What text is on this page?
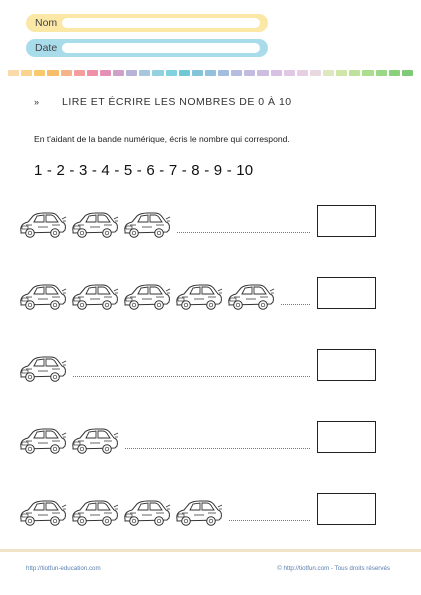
Nom
Date
» LIRE ET ÉCRIRE LES NOMBRES DE 0 À 10
En t'aidant de la bande numérique, écris le nombre qui correspond.
1 - 2 - 3 - 4 - 5 - 6 - 7 - 8 - 9 - 10
http://tiotfun-education.com	© http://tiotfun.com - Tous droits réservés
